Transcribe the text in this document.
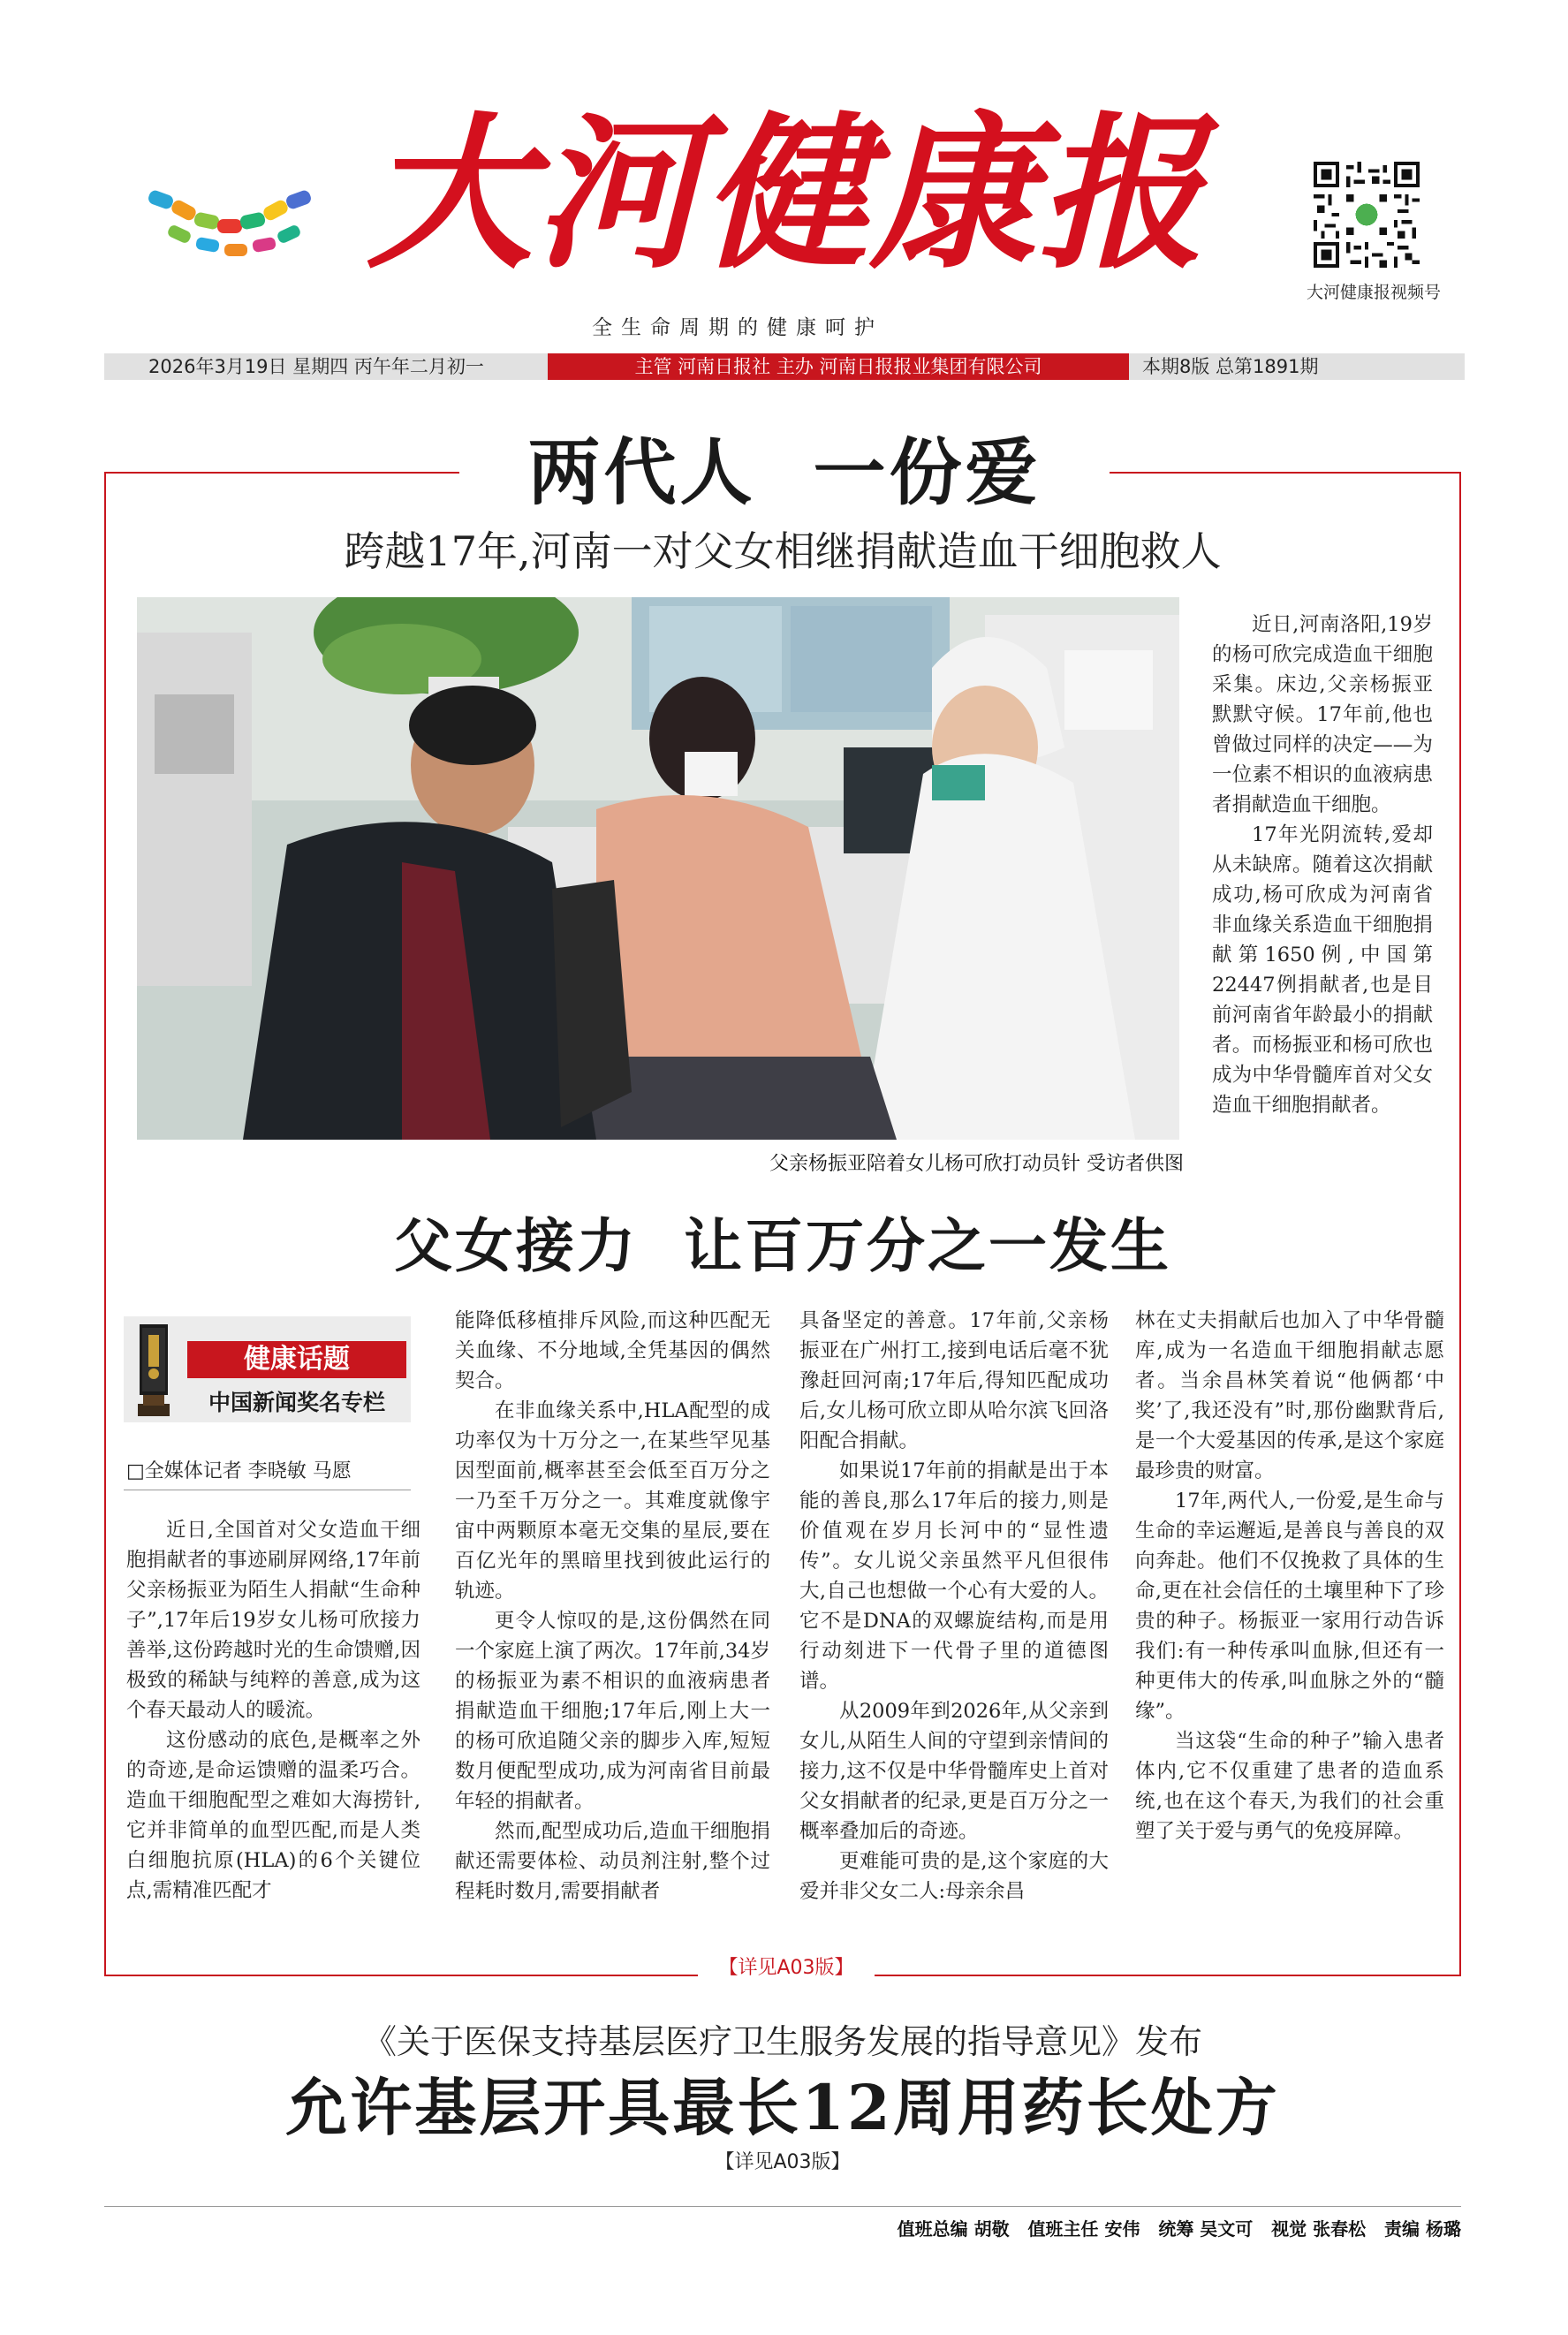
大河健康报
全生命周期的健康呵护
大河健康报视频号
2026年3月19日 星期四 丙午年二月初一	主管 河南日报社 主办 河南日报报业集团有限公司	本期8版 总第1891期
两代人  一份爱
跨越17年,河南一对父女相继捐献造血干细胞救人
父亲杨振亚陪着女儿杨可欣打动员针 受访者供图

近日,河南洛阳,19岁的杨可欣完成造血干细胞采集。床边,父亲杨振亚默默守候。17年前,他也曾做过同样的决定——为一位素不相识的血液病患者捐献造血干细胞。

17年光阴流转,爱却从未缺席。随着这次捐献成功,杨可欣成为河南省非血缘关系造血干细胞捐献第1650例,中国第22447例捐献者,也是目前河南省年龄最小的捐献者。而杨振亚和杨可欣也成为中华骨髓库首对父女造血干细胞捐献者。

父女接力  让百万分之一发生
健康话题
中国新闻奖名专栏
□全媒体记者 李晓敏 马愿

近日,全国首对父女造血干细胞捐献者的事迹刷屏网络,17年前父亲杨振亚为陌生人捐献“生命种子”,17年后19岁女儿杨可欣接力善举,这份跨越时光的生命馈赠,因极致的稀缺与纯粹的善意,成为这个春天最动人的暖流。

这份感动的底色,是概率之外的奇迹,是命运馈赠的温柔巧合。造血干细胞配型之难如大海捞针,它并非简单的血型匹配,而是人类白细胞抗原(HLA)的6个关键位点,需精准匹配才

能降低移植排斥风险,而这种匹配无关血缘、不分地域,全凭基因的偶然契合。

在非血缘关系中,HLA配型的成功率仅为十万分之一,在某些罕见基因型面前,概率甚至会低至百万分之一乃至千万分之一。其难度就像宇宙中两颗原本毫无交集的星辰,要在百亿光年的黑暗里找到彼此运行的轨迹。

更令人惊叹的是,这份偶然在同一个家庭上演了两次。17年前,34岁的杨振亚为素不相识的血液病患者捐献造血干细胞;17年后,刚上大一的杨可欣追随父亲的脚步入库,短短数月便配型成功,成为河南省目前最年轻的捐献者。

然而,配型成功后,造血干细胞捐献还需要体检、动员剂注射,整个过程耗时数月,需要捐献者

具备坚定的善意。17年前,父亲杨振亚在广州打工,接到电话后毫不犹豫赶回河南;17年后,得知匹配成功后,女儿杨可欣立即从哈尔滨飞回洛阳配合捐献。

如果说17年前的捐献是出于本能的善良,那么17年后的接力,则是价值观在岁月长河中的“显性遗传”。女儿说父亲虽然平凡但很伟大,自己也想做一个心有大爱的人。它不是DNA的双螺旋结构,而是用行动刻进下一代骨子里的道德图谱。

从2009年到2026年,从父亲到女儿,从陌生人间的守望到亲情间的接力,这不仅是中华骨髓库史上首对父女捐献者的纪录,更是百万分之一概率叠加后的奇迹。

更难能可贵的是,这个家庭的大爱并非父女二人:母亲余昌

林在丈夫捐献后也加入了中华骨髓库,成为一名造血干细胞捐献志愿者。当余昌林笑着说“他俩都‘中奖’了,我还没有”时,那份幽默背后,是一个大爱基因的传承,是这个家庭最珍贵的财富。

17年,两代人,一份爱,是生命与生命的幸运邂逅,是善良与善良的双向奔赴。他们不仅挽救了具体的生命,更在社会信任的土壤里种下了珍贵的种子。杨振亚一家用行动告诉我们:有一种传承叫血脉,但还有一种更伟大的传承,叫血脉之外的“髓缘”。

当这袋“生命的种子”输入患者体内,它不仅重建了患者的造血系统,也在这个春天,为我们的社会重塑了关于爱与勇气的免疫屏障。

【详见A03版】
《关于医保支持基层医疗卫生服务发展的指导意见》发布
允许基层开具最长12周用药长处方
【详见A03版】
值班总编 胡敬   值班主任 安伟   统筹 吴文可   视觉 张春松   责编 杨璐
